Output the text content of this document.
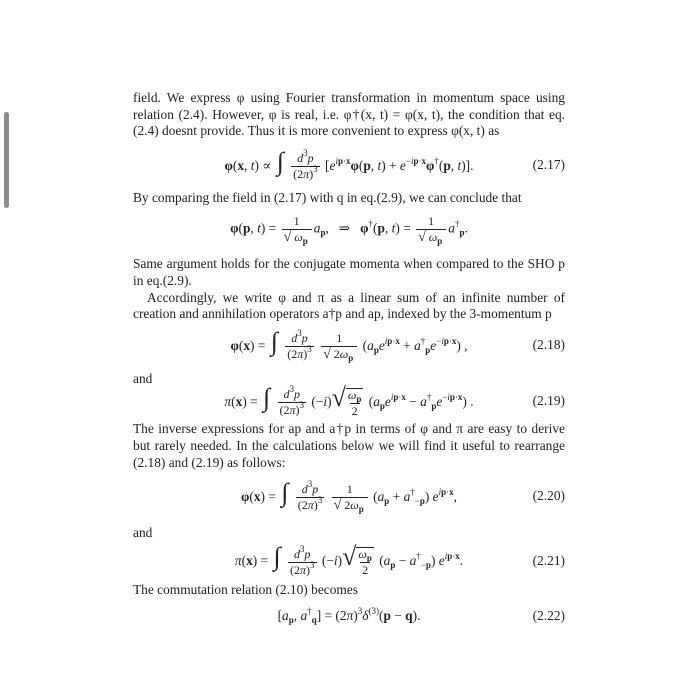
field. We express φ using Fourier transformation in momentum space using relation (2.4). However, φ is real, i.e. φ†(x, t) = φ(x, t), the condition that eq.(2.4) doesnt provide. Thus it is more convenient to express φ(x, t) as

φ(x, t) ∝ ∫ $\frac{d^3p}{(2\pi)^3} [e^{ip\cdot x}\varphi(p$, $t) + e^{-ip\cdot x}\varphi^\dagger(p$, t)].	(2.17)

By comparing the field in (2.17) with q in eq.(2.9), we can conclude that

φ(p, $t) = \frac{1}{√ \omega_p} a_p$,   ⇒   φ†(p, $t) = \frac{1}{√ \omega_p} a^\dagger_p$.

Same argument holds for the conjugate momenta when compared to the SHO p in eq.(2.9).

Accordingly, we write φ and π as a linear sum of an infinite number of creation and annihilation operators a†p and ap, indexed by the 3-momentum p

φ(x) = ∫ $\frac{d^3p}{(2\pi)^3}$
$\frac{1}{√ 2\omega_p} (a_pe^{ip\cdot x} + a^\dagger_pe^{-ip\cdot x})$ ,	(2.18)

and

π(x) = ∫ $\frac{d^3p}{(2\pi)^3} (-i)√ \frac{\omega_p}{2} (a_pe^{ip\cdot x} - a^\dagger_pe^{-ip\cdot x})$ .	(2.19)

The inverse expressions for ap and a†p in terms of φ and π are easy to derive but rarely needed. In the calculations below we will find it useful to rearrange (2.18) and (2.19) as follows:

φ(x) = ∫ $\frac{d^3p}{(2\pi)^3}$
$\frac{1}{√ 2\omega_p} (a_p + a^\dagger_{-p})$ $e^{ip\cdot x}$,	(2.20)

and

π(x) = ∫ $\frac{d^3p}{(2\pi)^3} (-i)√ \frac{\omega_p}{2} (a_p - a^\dagger_{-p})$ $e^{ip\cdot x}$.	(2.21)

The commutation relation (2.10) becomes

[$a_p$, $a^\dagger_q] = (2\pi)^3\delta^{(3)}(p - q)$.	(2.22)
